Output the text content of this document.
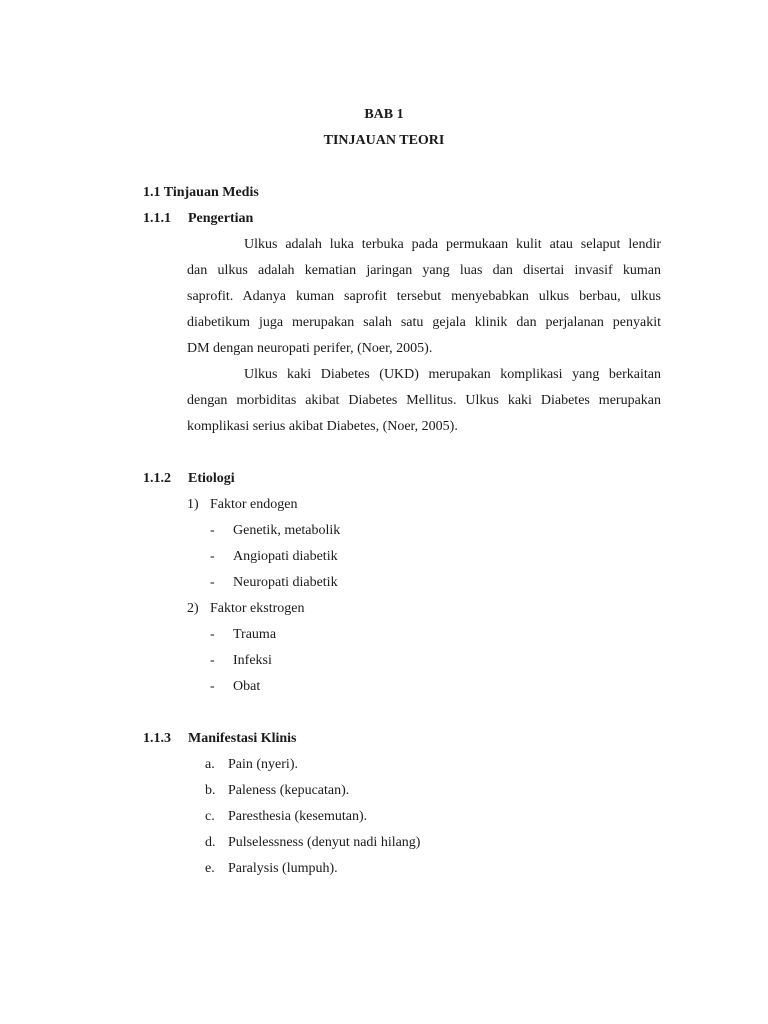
BAB 1
TINJAUAN TEORI
1.1 Tinjauan Medis
1.1.1 Pengertian
Ulkus adalah luka terbuka pada permukaan kulit atau selaput lendir
dan ulkus adalah kematian jaringan yang luas dan disertai invasif kuman
saprofit. Adanya kuman saprofit tersebut menyebabkan ulkus berbau, ulkus
diabetikum juga merupakan salah satu gejala klinik dan perjalanan penyakit
DM dengan neuropati perifer, (Noer, 2005).
Ulkus kaki Diabetes (UKD) merupakan komplikasi yang berkaitan
dengan morbiditas akibat Diabetes Mellitus. Ulkus kaki Diabetes merupakan
komplikasi serius akibat Diabetes, (Noer, 2005).
1.1.2 Etiologi
1) Faktor endogen
- Genetik, metabolik
- Angiopati diabetik
- Neuropati diabetik
2) Faktor ekstrogen
- Trauma
- Infeksi
- Obat
1.1.3 Manifestasi Klinis
a. Pain (nyeri).
b. Paleness (kepucatan).
c. Paresthesia (kesemutan).
d. Pulselessness (denyut nadi hilang)
e. Paralysis (lumpuh).
